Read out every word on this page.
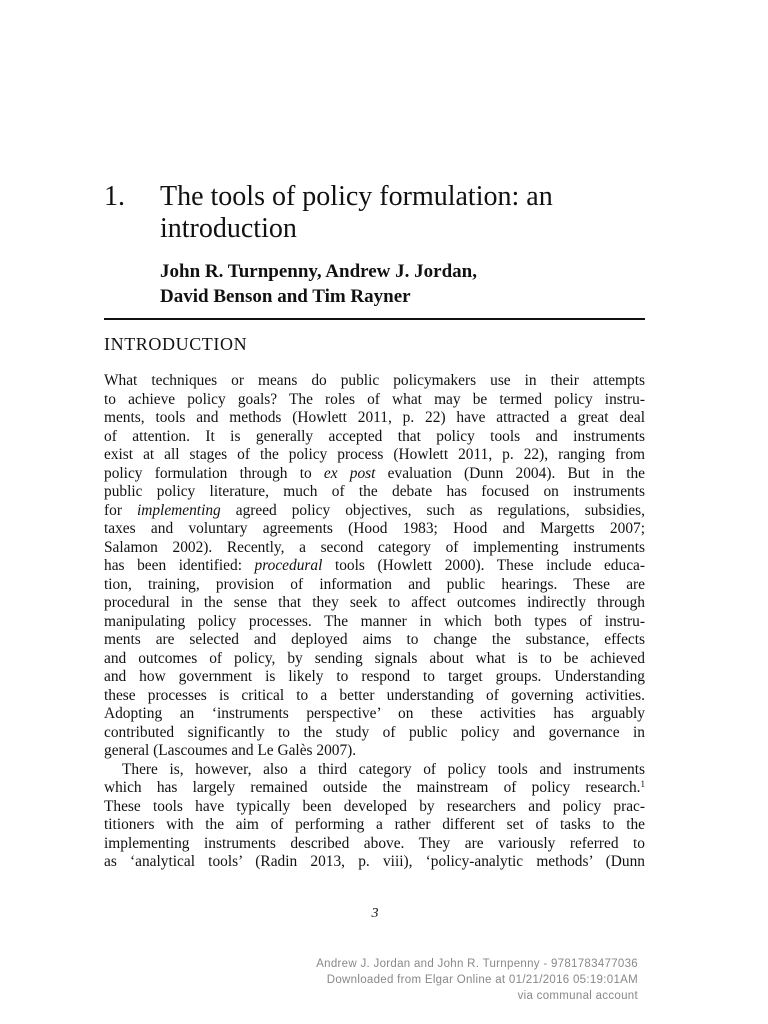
1. The tools of policy formulation: an
introduction
John R. Turnpenny, Andrew J. Jordan,
David Benson and Tim Rayner
INTRODUCTION
What techniques or means do public policymakers use in their attempts
to achieve policy goals? The roles of what may be termed policy instru-
ments, tools and methods (Howlett 2011, p. 22) have attracted a great deal
of attention. It is generally accepted that policy tools and instruments
exist at all stages of the policy process (Howlett 2011, p. 22), ranging from
policy formulation through to ex post evaluation (Dunn 2004). But in the
public policy literature, much of the debate has focused on instruments
for implementing agreed policy objectives, such as regulations, subsidies,
taxes and voluntary agreements (Hood 1983; Hood and Margetts 2007;
Salamon 2002). Recently, a second category of implementing instruments
has been identified: procedural tools (Howlett 2000). These include educa-
tion, training, provision of information and public hearings. These are
procedural in the sense that they seek to affect outcomes indirectly through
manipulating policy processes. The manner in which both types of instru-
ments are selected and deployed aims to change the substance, effects
and outcomes of policy, by sending signals about what is to be achieved
and how government is likely to respond to target groups. Understanding
these processes is critical to a better understanding of governing activities.
Adopting an ‘instruments perspective’ on these activities has arguably
contributed significantly to the study of public policy and governance in
general (Lascoumes and Le Galès 2007).
There is, however, also a third category of policy tools and instruments
which has largely remained outside the mainstream of policy research.$^1$
These tools have typically been developed by researchers and policy prac-
titioners with the aim of performing a rather different set of tasks to the
implementing instruments described above. They are variously referred to
as ‘analytical tools’ (Radin 2013, p. viii), ‘policy-analytic methods’ (Dunn
3
Andrew J. Jordan and John R. Turnpenny - 9781783477036
Downloaded from Elgar Online at 01/21/2016 05:19:01AM
via communal account
